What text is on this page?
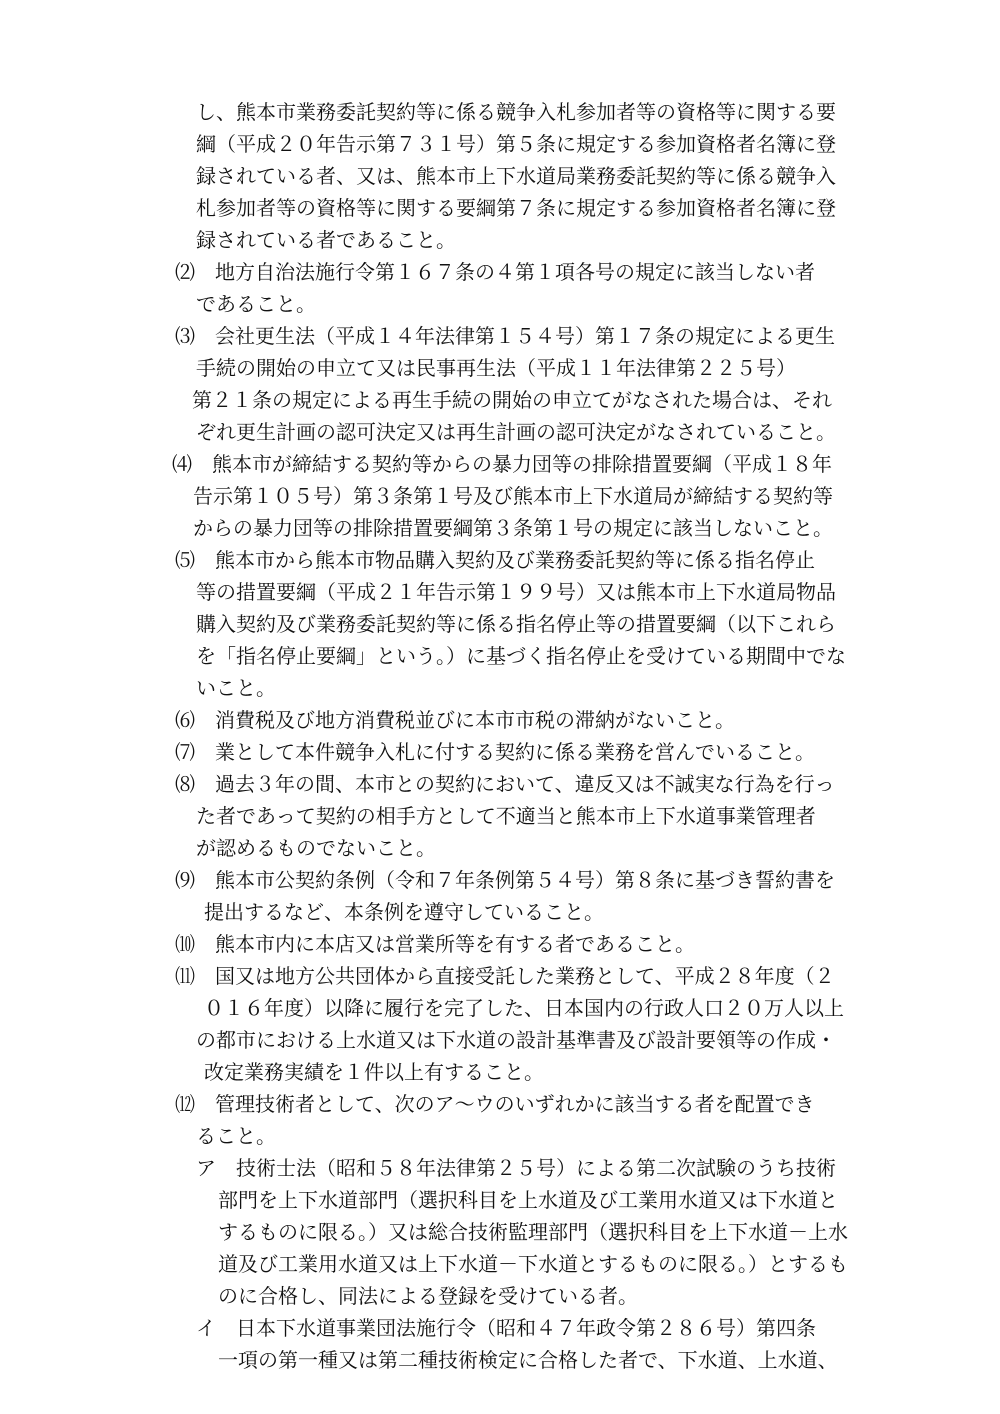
し、熊本市業務委託契約等に係る競争入札参加者等の資格等に関する要

綱（平成２０年告示第７３１号）第５条に規定する参加資格者名簿に登

録されている者、又は、熊本市上下水道局業務委託契約等に係る競争入

札参加者等の資格等に関する要綱第７条に規定する参加資格者名簿に登

録されている者であること。

⑵　地方自治法施行令第１６７条の４第１項各号の規定に該当しない者

であること。

⑶　会社更生法（平成１４年法律第１５４号）第１７条の規定による更生

手続の開始の申立て又は民事再生法（平成１１年法律第２２５号）

第２１条の規定による再生手続の開始の申立てがなされた場合は、それ

ぞれ更生計画の認可決定又は再生計画の認可決定がなされていること。

⑷　熊本市が締結する契約等からの暴力団等の排除措置要綱（平成１８年

告示第１０５号）第３条第１号及び熊本市上下水道局が締結する契約等

からの暴力団等の排除措置要綱第３条第１号の規定に該当しないこと。

⑸　熊本市から熊本市物品購入契約及び業務委託契約等に係る指名停止

等の措置要綱（平成２１年告示第１９９号）又は熊本市上下水道局物品

購入契約及び業務委託契約等に係る指名停止等の措置要綱（以下これら

を「指名停止要綱」という。）に基づく指名停止を受けている期間中でな

いこと。

⑹　消費税及び地方消費税並びに本市市税の滞納がないこと。

⑺　業として本件競争入札に付する契約に係る業務を営んでいること。

⑻　過去３年の間、本市との契約において、違反又は不誠実な行為を行っ

た者であって契約の相手方として不適当と熊本市上下水道事業管理者

が認めるものでないこと。

⑼　熊本市公契約条例（令和７年条例第５４号）第８条に基づき誓約書を

提出するなど、本条例を遵守していること。

⑽　熊本市内に本店又は営業所等を有する者であること。

⑾　国又は地方公共団体から直接受託した業務として、平成２８年度（２

０１６年度）以降に履行を完了した、日本国内の行政人口２０万人以上

の都市における上水道又は下水道の設計基準書及び設計要領等の作成・

改定業務実績を１件以上有すること。

⑿　管理技術者として、次のア～ウのいずれかに該当する者を配置でき

ること。

ア　技術士法（昭和５８年法律第２５号）による第二次試験のうち技術

部門を上下水道部門（選択科目を上水道及び工業用水道又は下水道と

するものに限る。）又は総合技術監理部門（選択科目を上下水道－上水

道及び工業用水道又は上下水道－下水道とするものに限る。）とするも

のに合格し、同法による登録を受けている者。

イ　日本下水道事業団法施行令（昭和４７年政令第２８６号）第四条

一項の第一種又は第二種技術検定に合格した者で、下水道、上水道、
